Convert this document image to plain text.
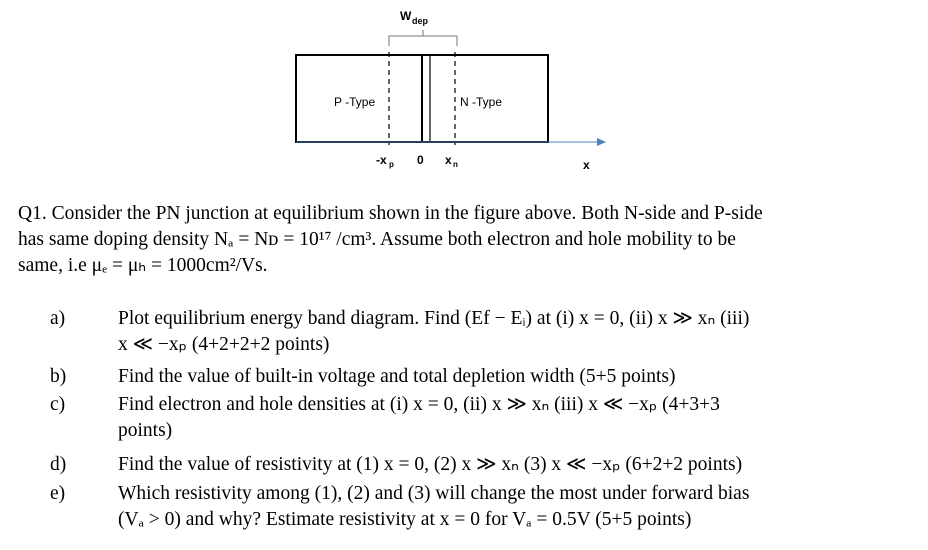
W dep
P -Type	N -Type
-x p 0 x n	x
Q1. Consider the PN junction at equilibrium shown in the figure above. Both N-side and P-side
has same doping density Nₐ = Nᴅ = 10¹⁷ /cm³. Assume both electron and hole mobility to be
same, i.e μₑ = μₕ = 1000cm²/Vs.
a)	Plot equilibrium energy band diagram. Find (Ef − Eᵢ) at (i) x = 0, (ii) x ≫ xₙ (iii)
x ≪ −xₚ (4+2+2+2 points)
b)	Find the value of built-in voltage and total depletion width (5+5 points)
c)	Find electron and hole densities at (i) x = 0, (ii) x ≫ xₙ (iii) x ≪ −xₚ (4+3+3
points)
d)	Find the value of resistivity at (1) x = 0, (2) x ≫ xₙ (3) x ≪ −xₚ (6+2+2 points)
e)	Which resistivity among (1), (2) and (3) will change the most under forward bias
(Vₐ > 0) and why? Estimate resistivity at x = 0 for Vₐ = 0.5V (5+5 points)
